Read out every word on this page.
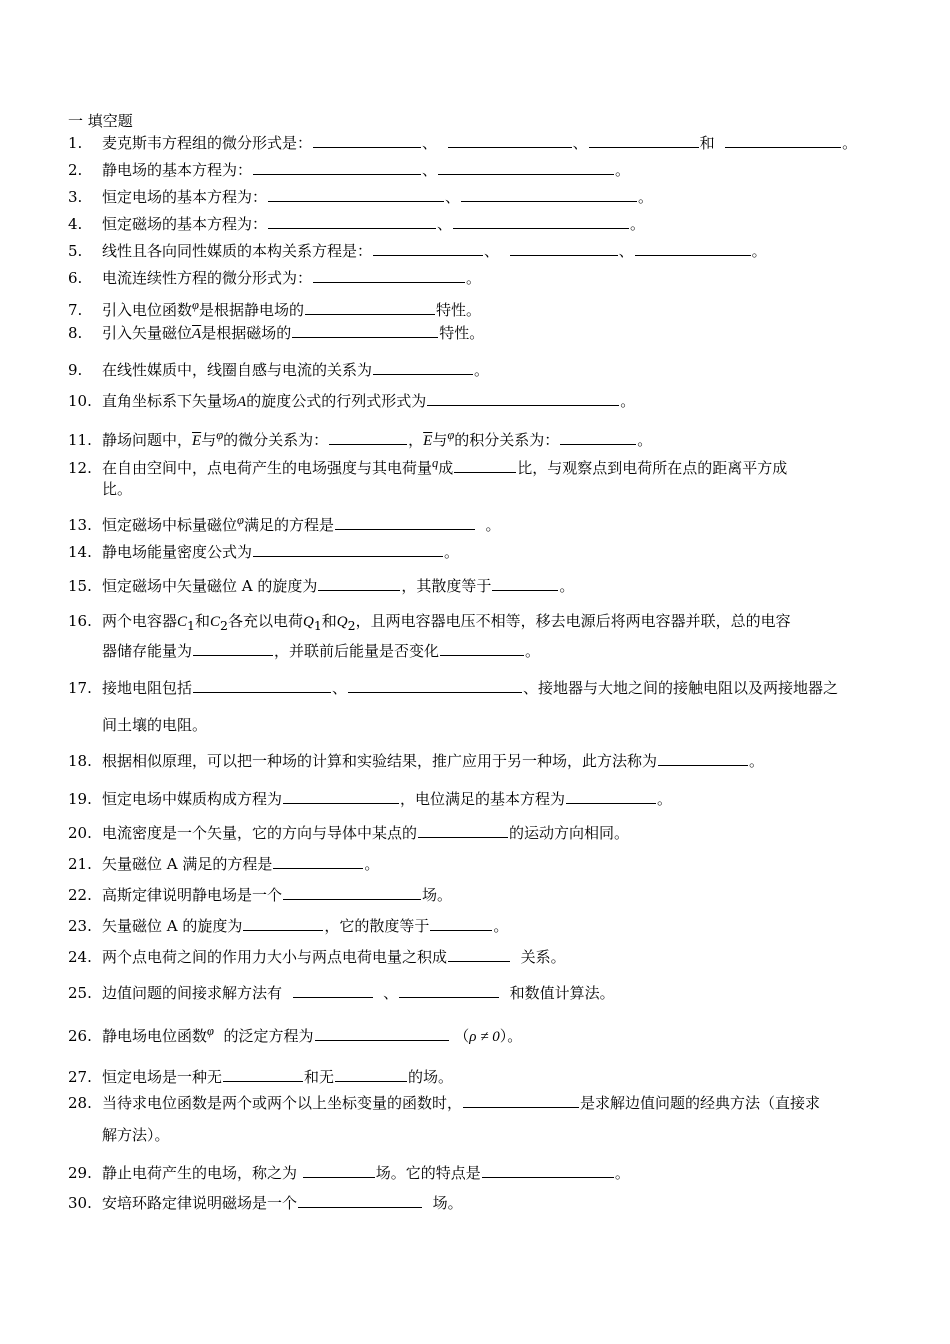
一 填空题
1. 麦克斯韦方程组的微分形式是：	、	、	和	。
2. 静电场的基本方程为：	、	。
3. 恒定电场的基本方程为：	、	。
4. 恒定磁场的基本方程为：	、	。
5. 线性且各向同性媒质的本构关系方程是：	、	、	。
6. 电流连续性方程的微分形式为：	。
7. 引入电位函数$^\varphi$是根据静电场的	特性。
8. 引入矢量磁位$\overline{A}$是根据磁场的	特性。
9. 在线性媒质中，线圈自感与电流的关系为	。
10. 直角坐标系下矢量场A的旋度公式的行列式形式为	。
11. 静场问题中，$\overline{E}$与$^\varphi$的微分关系为：	，$\overline{E}$与$^\varphi$的积分关系为：	。
12. 在自由空间中，点电荷产生的电场强度与其电荷量$^q$成	比，与观察点到电荷所在点的距离平方成
比。
13. 恒定磁场中标量磁位$^\varphi$满足的方程是	。
14. 静电场能量密度公式为	。
15. 恒定磁场中矢量磁位 A 的旋度为	，其散度等于	。
16. 两个电容器$C_1$和$C_2$各充以电荷$Q_1$和$Q_2$，且两电容器电压不相等，移去电源后将两电容器并联，总的电容
器储存能量为	，并联前后能量是否变化	。
17. 接地电阻包括	、	、接地器与大地之间的接触电阻以及两接地器之
间土壤的电阻。
18. 根据相似原理，可以把一种场的计算和实验结果，推广应用于另一种场，此方法称为	。
19. 恒定电场中媒质构成方程为	，电位满足的基本方程为	。
20. 电流密度是一个矢量，它的方向与导体中某点的	的运动方向相同。
21. 矢量磁位 A 满足的方程是	。
22. 高斯定律说明静电场是一个	场。
23. 矢量磁位 A 的旋度为	，它的散度等于	。
24. 两个点电荷之间的作用力大小与两点电荷电量之积成	关系。
25. 边值问题的间接求解方法有	、	和数值计算法。
26. 静电场电位函数$^\varphi$ 的泛定方程为	（ρ ≠ 0）。
27. 恒定电场是一种无	和无	的场。
28. 当待求电位函数是两个或两个以上坐标变量的函数时，	是求解边值问题的经典方法（直接求
解方法）。
29. 静止电荷产生的电场，称之为	场。它的特点是	。
30. 安培环路定律说明磁场是一个	场。
